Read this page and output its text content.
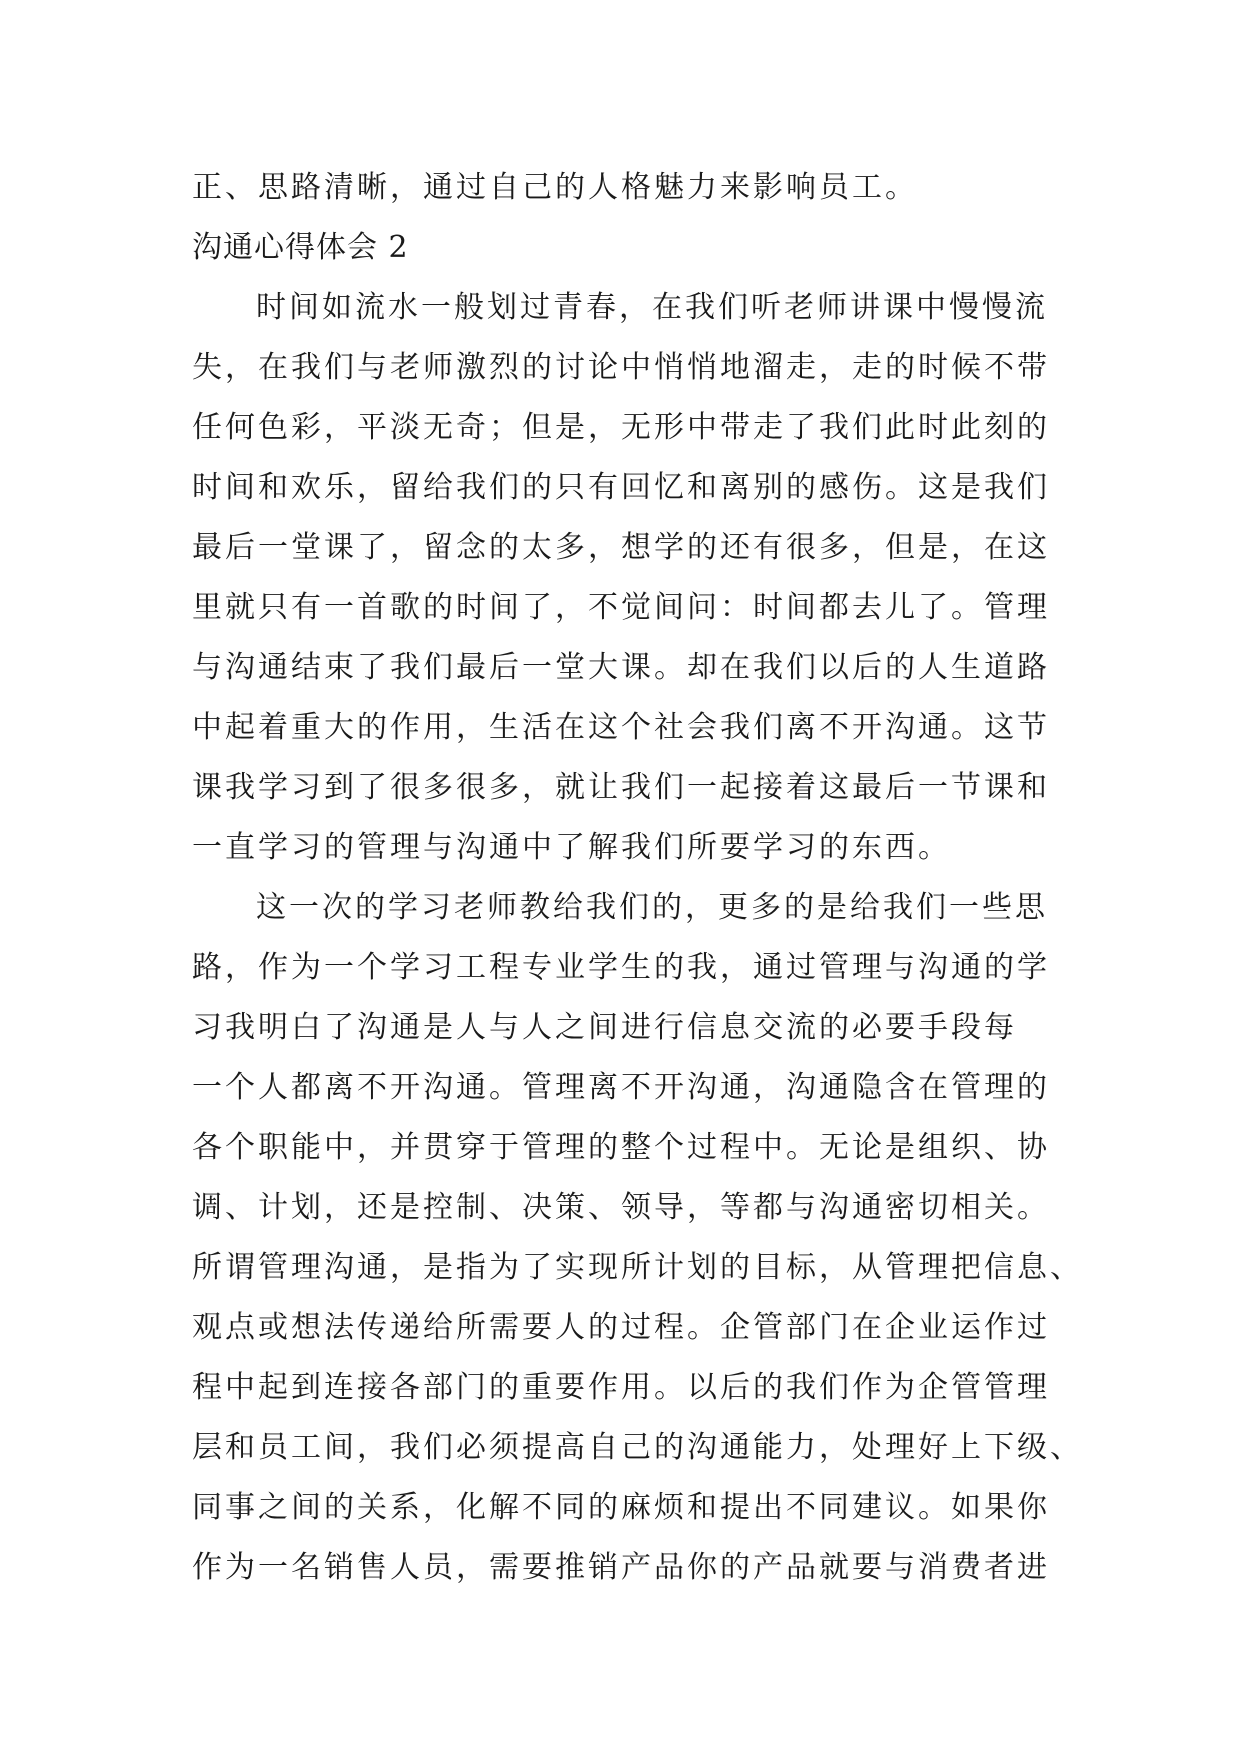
正、思路清晰，通过自己的人格魅力来影响员工。
沟通心得体会 2
时间如流水一般划过青春，在我们听老师讲课中慢慢流
失，在我们与老师激烈的讨论中悄悄地溜走，走的时候不带
任何色彩，平淡无奇；但是，无形中带走了我们此时此刻的
时间和欢乐，留给我们的只有回忆和离别的感伤。这是我们
最后一堂课了，留念的太多，想学的还有很多，但是，在这
里就只有一首歌的时间了，不觉间问：时间都去儿了。管理
与沟通结束了我们最后一堂大课。却在我们以后的人生道路
中起着重大的作用，生活在这个社会我们离不开沟通。这节
课我学习到了很多很多，就让我们一起接着这最后一节课和
一直学习的管理与沟通中了解我们所要学习的东西。
这一次的学习老师教给我们的，更多的是给我们一些思
路，作为一个学习工程专业学生的我，通过管理与沟通的学
习我明白了沟通是人与人之间进行信息交流的必要手段每
一个人都离不开沟通。管理离不开沟通，沟通隐含在管理的
各个职能中，并贯穿于管理的整个过程中。无论是组织、协
调、计划，还是控制、决策、领导，等都与沟通密切相关。
所谓管理沟通，是指为了实现所计划的目标，从管理把信息、
观点或想法传递给所需要人的过程。企管部门在企业运作过
程中起到连接各部门的重要作用。以后的我们作为企管管理
层和员工间，我们必须提高自己的沟通能力，处理好上下级、
同事之间的关系，化解不同的麻烦和提出不同建议。如果你
作为一名销售人员，需要推销产品你的产品就要与消费者进
